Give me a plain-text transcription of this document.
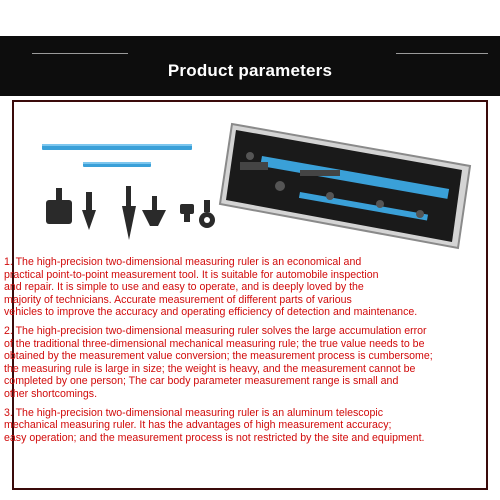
Product parameters

1. The high-precision two-dimensional measuring ruler is an economical and
practical point-to-point measurement tool. It is suitable for automobile inspection
and repair. It is simple to use and easy to operate, and is deeply loved by the
majority of technicians. Accurate measurement of different parts of various
vehicles to improve the accuracy and operating efficiency of detection and maintenance.

2. The high-precision two-dimensional measuring ruler solves the large accumulation error
of the traditional three-dimensional mechanical measuring rule; the true value needs to be
obtained by the measurement value conversion; the measurement process is cumbersome;
the measuring rule is large in size; the weight is heavy, and the measurement cannot be
completed by one person; The car body parameter measurement range is small and
other shortcomings.

3. The high-precision two-dimensional measuring ruler is an aluminum telescopic
mechanical measuring ruler. It has the advantages of high measurement accuracy;
easy operation; and the measurement process is not restricted by the site and equipment.
